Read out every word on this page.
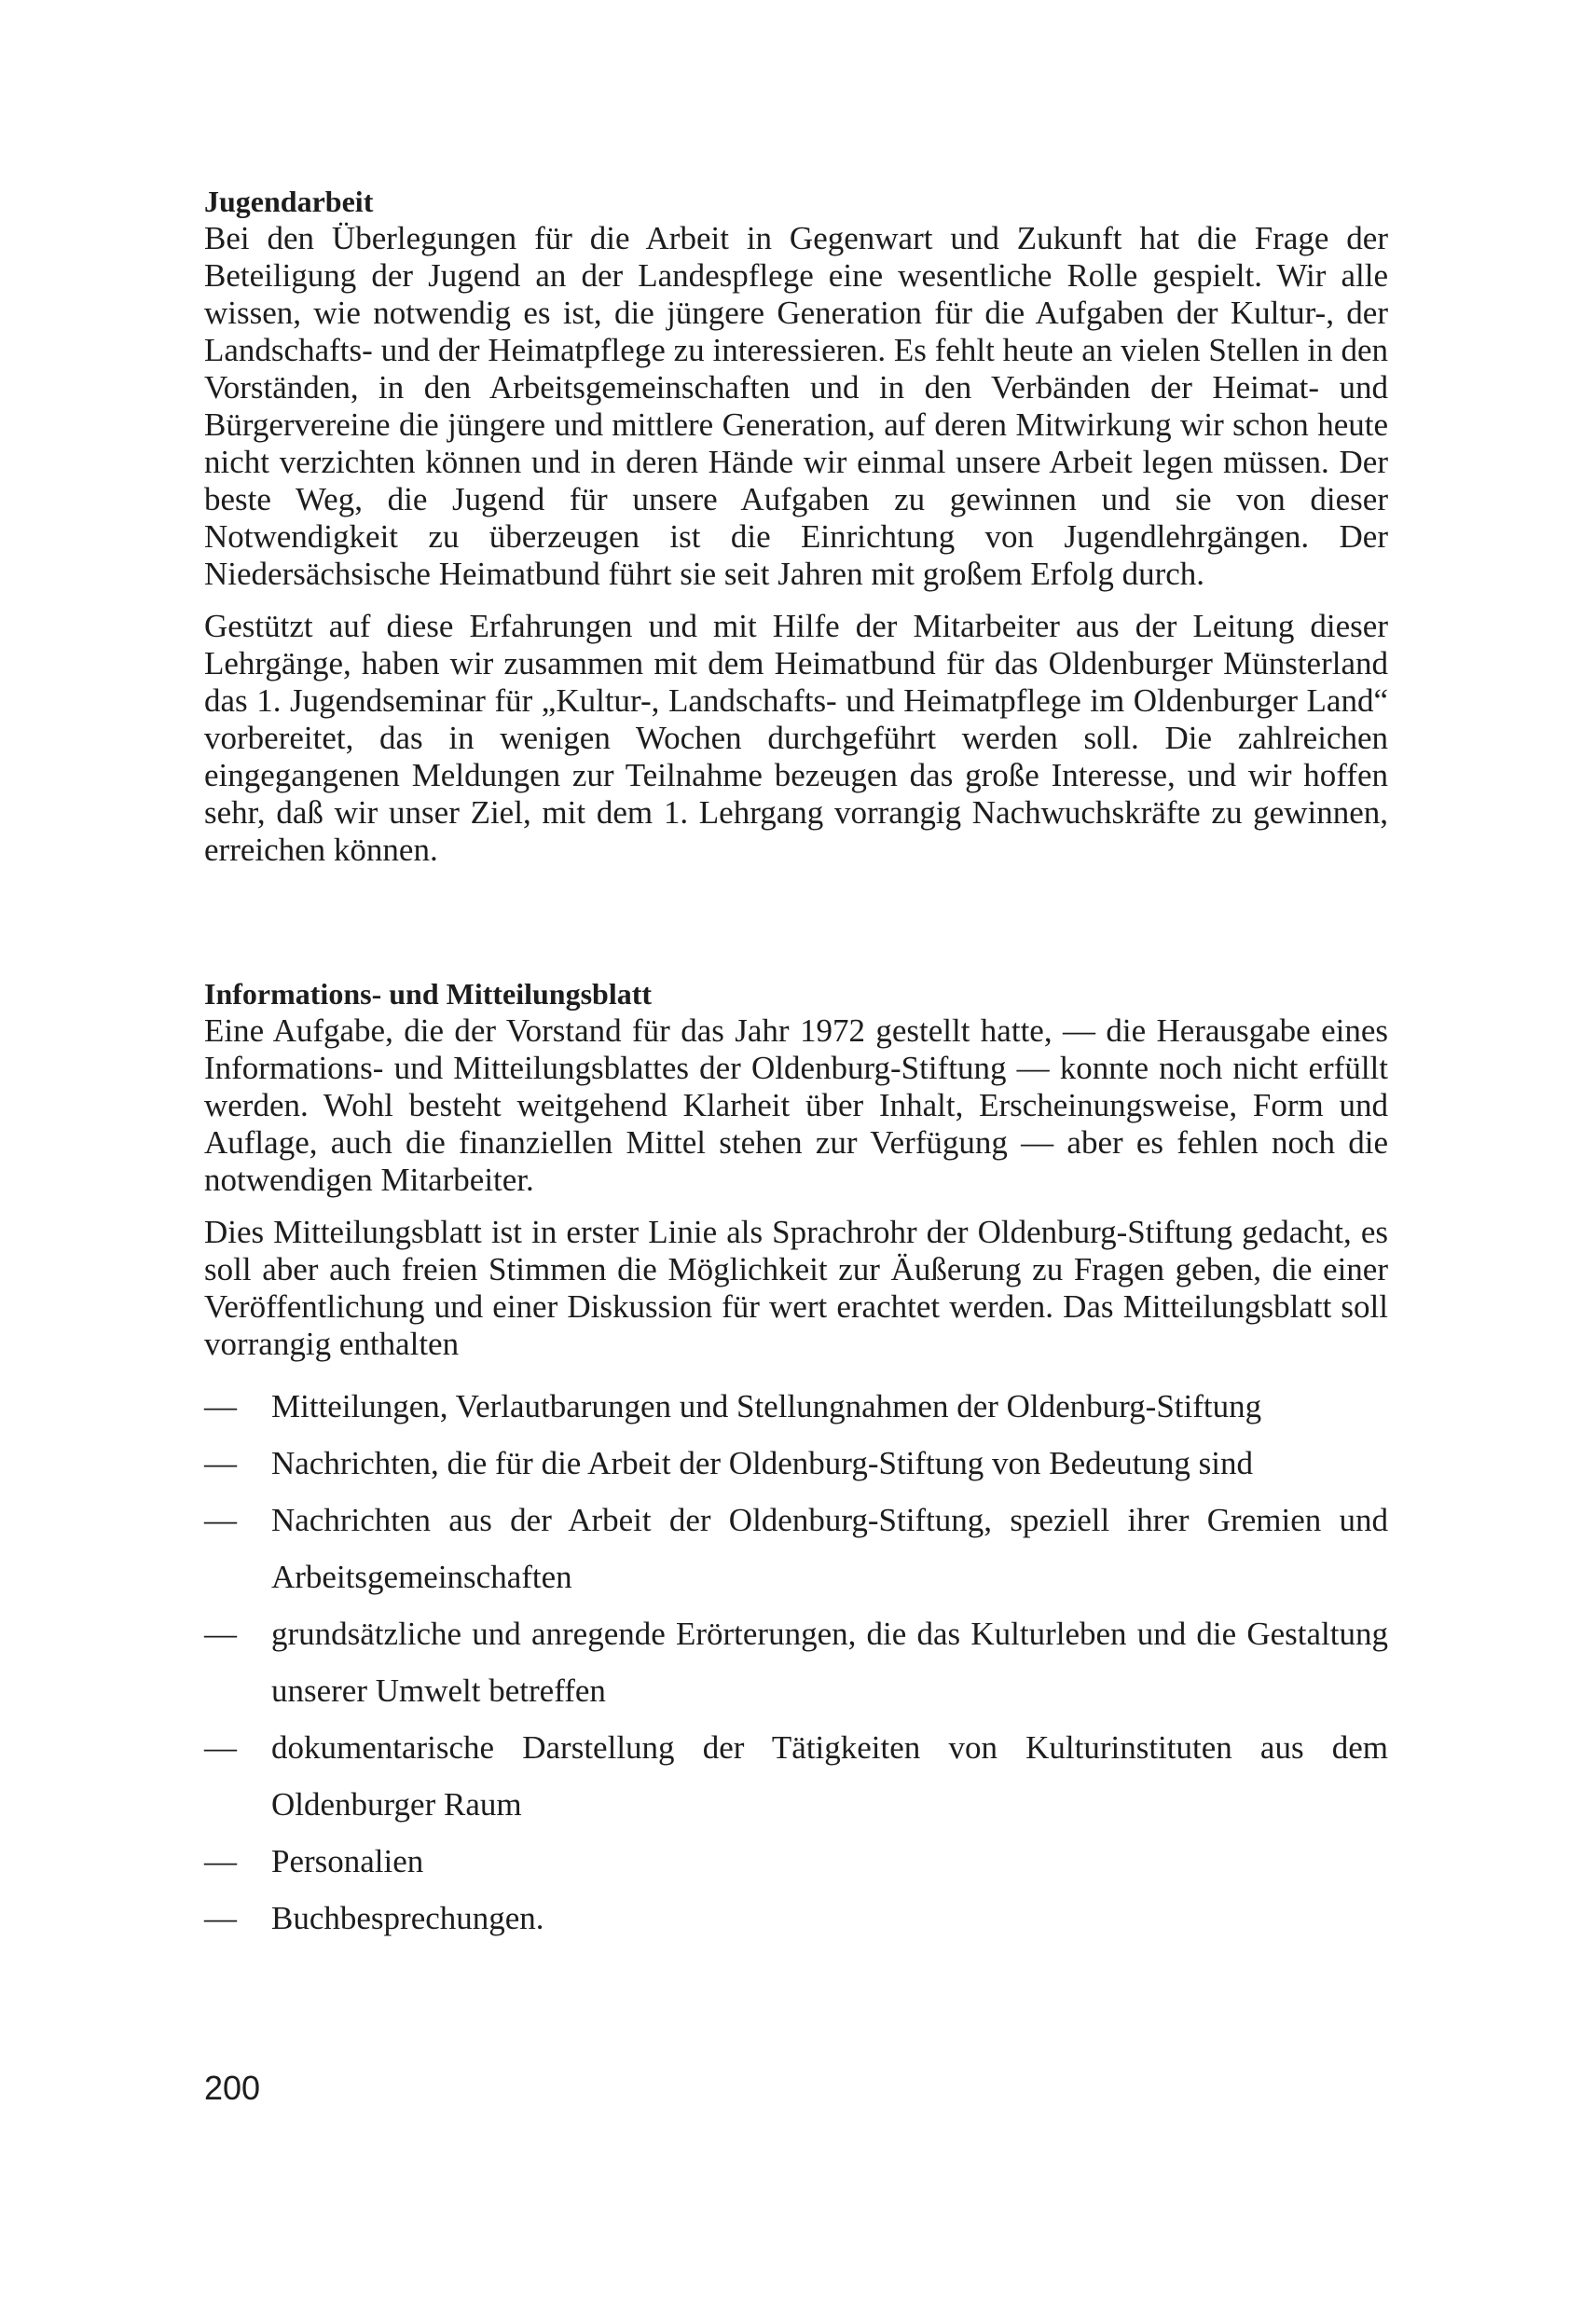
Jugendarbeit

Bei den Überlegungen für die Arbeit in Gegenwart und Zukunft hat die Frage der Beteiligung der Jugend an der Landespflege eine wesentliche Rolle gespielt. Wir alle wissen, wie notwendig es ist, die jüngere Generation für die Aufgaben der Kultur-, der Landschafts- und der Heimatpflege zu interessieren. Es fehlt heute an vielen Stellen in den Vorständen, in den Arbeitsgemeinschaften und in den Verbänden der Heimat- und Bürgervereine die jüngere und mittlere Generation, auf deren Mitwirkung wir schon heute nicht verzichten können und in deren Hände wir einmal unsere Arbeit legen müssen. Der beste Weg, die Jugend für unsere Aufgaben zu gewinnen und sie von dieser Notwendigkeit zu überzeugen ist die Einrichtung von Jugendlehrgängen. Der Niedersächsische Heimatbund führt sie seit Jahren mit großem Erfolg durch.

Gestützt auf diese Erfahrungen und mit Hilfe der Mitarbeiter aus der Leitung dieser Lehrgänge, haben wir zusammen mit dem Heimatbund für das Oldenburger Münsterland das 1. Jugendseminar für „Kultur-, Landschafts- und Heimatpflege im Oldenburger Land“ vorbereitet, das in wenigen Wochen durchgeführt werden soll. Die zahlreichen eingegangenen Meldungen zur Teilnahme bezeugen das große Interesse, und wir hoffen sehr, daß wir unser Ziel, mit dem 1. Lehrgang vorrangig Nachwuchskräfte zu gewinnen, erreichen können.

Informations- und Mitteilungsblatt

Eine Aufgabe, die der Vorstand für das Jahr 1972 gestellt hatte, — die Herausgabe eines Informations- und Mitteilungsblattes der Oldenburg-Stiftung — konnte noch nicht erfüllt werden. Wohl besteht weitgehend Klarheit über Inhalt, Erscheinungsweise, Form und Auflage, auch die finanziellen Mittel stehen zur Verfügung — aber es fehlen noch die notwendigen Mitarbeiter.

Dies Mitteilungsblatt ist in erster Linie als Sprachrohr der Oldenburg-Stiftung gedacht, es soll aber auch freien Stimmen die Möglichkeit zur Äußerung zu Fragen geben, die einer Veröffentlichung und einer Diskussion für wert erachtet werden. Das Mitteilungsblatt soll vorrangig enthalten

—	Mitteilungen, Verlautbarungen und Stellungnahmen der Oldenburg-Stiftung
—	Nachrichten, die für die Arbeit der Oldenburg-Stiftung von Bedeutung sind
—	Nachrichten aus der Arbeit der Oldenburg-Stiftung, speziell ihrer Gremien und Arbeitsgemeinschaften
—	grundsätzliche und anregende Erörterungen, die das Kulturleben und die Gestaltung unserer Umwelt betreffen
—	dokumentarische Darstellung der Tätigkeiten von Kulturinstituten aus dem Oldenburger Raum
—	Personalien
—	Buchbesprechungen.
200
